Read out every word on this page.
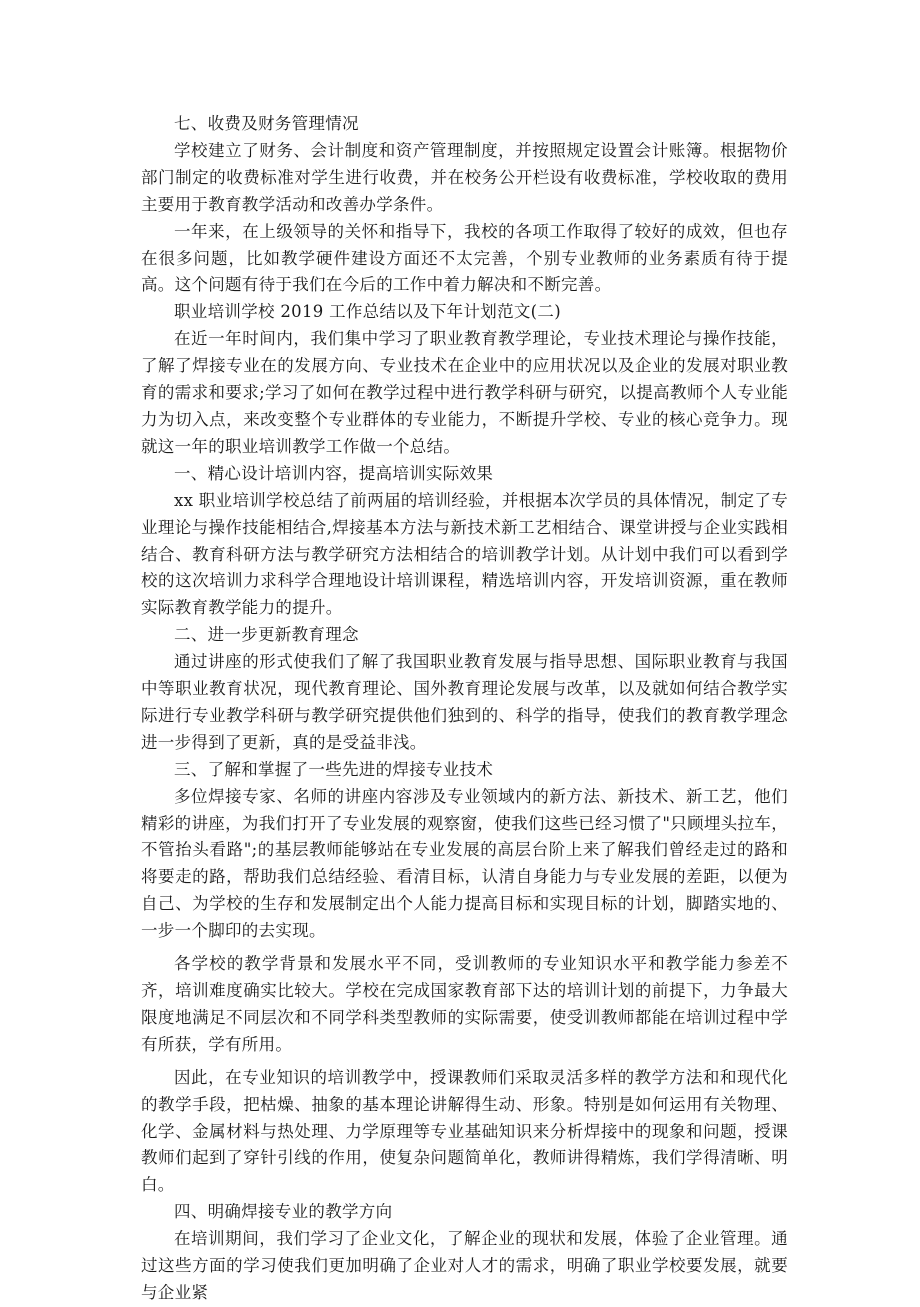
七、收费及财务管理情况

学校建立了财务、会计制度和资产管理制度，并按照规定设置会计账簿。根据物价部门制定的收费标准对学生进行收费，并在校务公开栏设有收费标准，学校收取的费用主要用于教育教学活动和改善办学条件。

一年来，在上级领导的关怀和指导下，我校的各项工作取得了较好的成效，但也存在很多问题，比如教学硬件建设方面还不太完善，个别专业教师的业务素质有待于提高。这个问题有待于我们在今后的工作中着力解决和不断完善。

职业培训学校 2019 工作总结以及下年计划范文(二)

在近一年时间内，我们集中学习了职业教育教学理论，专业技术理论与操作技能，了解了焊接专业在的发展方向、专业技术在企业中的应用状况以及企业的发展对职业教育的需求和要求;学习了如何在教学过程中进行教学科研与研究，以提高教师个人专业能力为切入点，来改变整个专业群体的专业能力，不断提升学校、专业的核心竞争力。现就这一年的职业培训教学工作做一个总结。

一、精心设计培训内容，提高培训实际效果

xx 职业培训学校总结了前两届的培训经验，并根据本次学员的具体情况，制定了专业理论与操作技能相结合,焊接基本方法与新技术新工艺相结合、课堂讲授与企业实践相结合、教育科研方法与教学研究方法相结合的培训教学计划。从计划中我们可以看到学校的这次培训力求科学合理地设计培训课程，精选培训内容，开发培训资源，重在教师实际教育教学能力的提升。

二、进一步更新教育理念

通过讲座的形式使我们了解了我国职业教育发展与指导思想、国际职业教育与我国中等职业教育状况，现代教育理论、国外教育理论发展与改革，以及就如何结合教学实际进行专业教学科研与教学研究提供他们独到的、科学的指导，使我们的教育教学理念进一步得到了更新，真的是受益非浅。

三、了解和掌握了一些先进的焊接专业技术

多位焊接专家、名师的讲座内容涉及专业领域内的新方法、新技术、新工艺，他们精彩的讲座，为我们打开了专业发展的观察窗，使我们这些已经习惯了"只顾埋头拉车，不管抬头看路";的基层教师能够站在专业发展的高层台阶上来了解我们曾经走过的路和将要走的路，帮助我们总结经验、看清目标，认清自身能力与专业发展的差距，以便为自己、为学校的生存和发展制定出个人能力提高目标和实现目标的计划，脚踏实地的、一步一个脚印的去实现。

各学校的教学背景和发展水平不同，受训教师的专业知识水平和教学能力参差不齐，培训难度确实比较大。学校在完成国家教育部下达的培训计划的前提下，力争最大限度地满足不同层次和不同学科类型教师的实际需要，使受训教师都能在培训过程中学有所获，学有所用。

因此，在专业知识的培训教学中，授课教师们采取灵活多样的教学方法和和现代化的教学手段，把枯燥、抽象的基本理论讲解得生动、形象。特别是如何运用有关物理、化学、金属材料与热处理、力学原理等专业基础知识来分析焊接中的现象和问题，授课教师们起到了穿针引线的作用，使复杂问题简单化，教师讲得精炼，我们学得清晰、明白。

四、明确焊接专业的教学方向

在培训期间，我们学习了企业文化，了解企业的现状和发展，体验了企业管理。通过这些方面的学习使我们更加明确了企业对人才的需求，明确了职业学校要发展，就要与企业紧
